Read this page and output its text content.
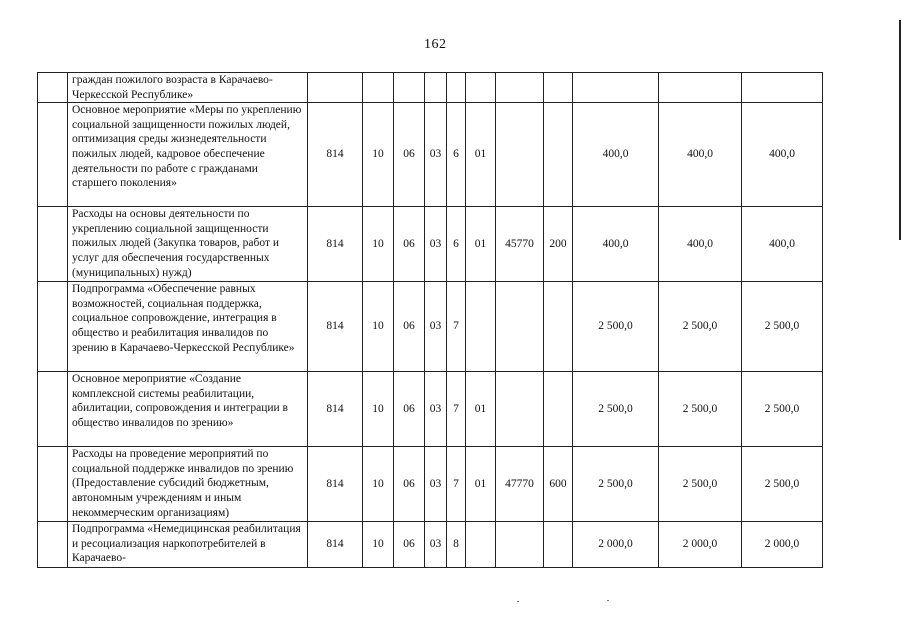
162
	граждан пожилого возраста в Карачаево-Черкесской Республике»											
	Основное мероприятие «Меры по укреплению социальной защищенности пожилых людей, оптимизация среды жизнедеятельности пожилых людей, кадровое обеспечение деятельности по работе с гражданами старшего поколения»	814	10	06	03	6	01			400,0	400,0	400,0
	Расходы на основы деятельности по укреплению социальной защищенности пожилых людей (Закупка товаров, работ и услуг для обеспечения государственных (муниципальных) нужд)	814	10	06	03	6	01	45770	200	400,0	400,0	400,0
	Подпрограмма «Обеспечение равных возможностей, социальная поддержка, социальное сопровождение, интеграция в общество и реабилитация инвалидов по зрению в Карачаево-Черкесской Республике»	814	10	06	03	7				2 500,0	2 500,0	2 500,0
	Основное мероприятие «Создание комплексной системы реабилитации, абилитации, сопровождения и интеграции в общество инвалидов по зрению»	814	10	06	03	7	01			2 500,0	2 500,0	2 500,0
	Расходы на проведение мероприятий по социальной поддержке инвалидов по зрению (Предоставление субсидий бюджетным, автономным учреждениям и иным некоммерческим организациям)	814	10	06	03	7	01	47770	600	2 500,0	2 500,0	2 500,0
	Подпрограмма «Немедицинская реабилитация и ресоциализация наркопотребителей в Карачаево-	814	10	06	03	8				2 000,0	2 000,0	2 000,0
